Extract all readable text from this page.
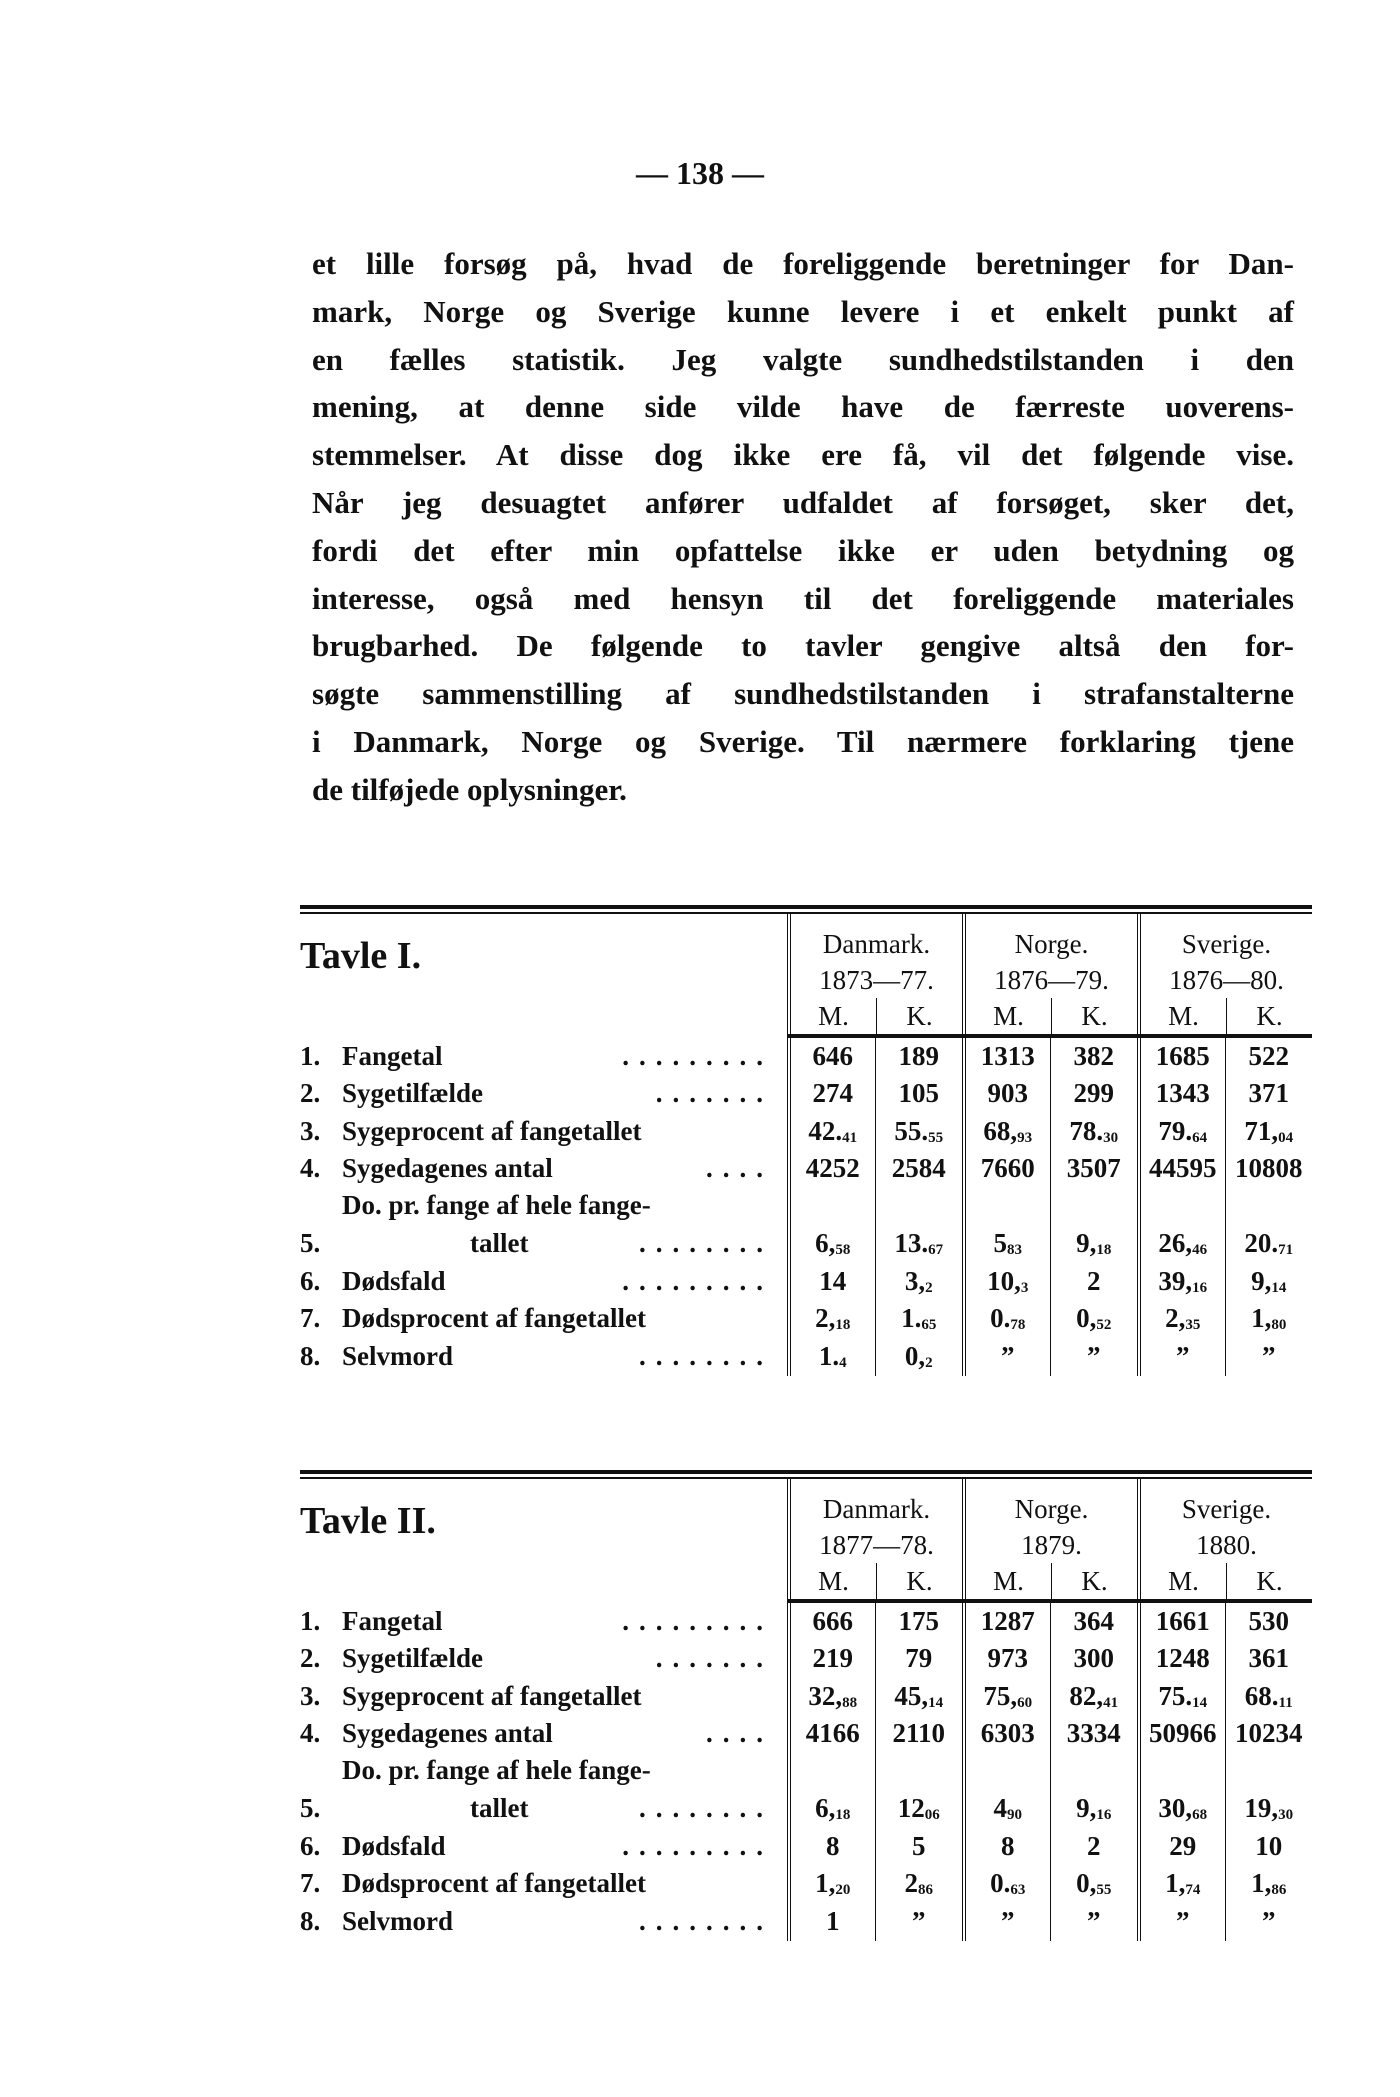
— 138 —
et lille forsøg på, hvad de foreliggende beretninger for Dan-
mark, Norge og Sverige kunne levere i et enkelt punkt af
en fælles statistik. Jeg valgte sundhedstilstanden i den
mening, at denne side vilde have de færreste uoverens-
stemmelser. At disse dog ikke ere få, vil det følgende vise.
Når jeg desuagtet anfører udfaldet af forsøget, sker det,
fordi det efter min opfattelse ikke er uden betydning og
interesse, også med hensyn til det foreliggende materiales
brugbarhed. De følgende to tavler gengive altså den for-
søgte sammenstilling af sundhedstilstanden i strafanstalterne
i Danmark, Norge og Sverige. Til nærmere forklaring tjene
de tilføjede oplysninger.
Tavle I.	Danmark.
1873—77.
M.	K.
Norge.
1876—79.
M.	K.
Sverige.
1876—80.
M.	K.
1. Fangetal	......... 646 189 1313 382 1685 522
2. Sygetilfælde	....... 274 105 903 299 1343 371
3. Sygeprocent af fangetallet	$42._{41}$ $55._{55}$ $68,_{93}$ $78._{30}$ $79._{64}$ $71,_{04}$
4. Sygedagenes antal	.... 4252 2584 7660 3507 44595 10808
5.
Do. pr. fange af hele fange-
tallet	........ $6,_{58}$ $13._{67}$ $5_{83}$ $9,_{18}$ $26,_{46}$ $20._{71}$
6. Dødsfald	......... 14 $3,_2$ $10,_3$ 2 $39,_{16}$ $9,_{14}$
7. Dødsprocent af fangetallet	$2,_{18}$ $1._{65}$ $0._{78}$ $0,_{52}$ $2,_{35}$ $1,_{80}$
8. Selvmord	........ $1._4$ $0,_2$	”	”	”	”
Tavle II.	Danmark.
1877—78.
M.	K.
Norge.
1879.
M.	K.
Sverige.
1880.
M.	K.
1. Fangetal	......... 666 175 1287 364 1661 530
2. Sygetilfælde	....... 219 79 973 300 1248 361
3. Sygeprocent af fangetallet	$32,_{88}$ $45,_{14}$ $75,_{60}$ $82,_{41}$ $75._{14}$ $68._{11}$
4. Sygedagenes antal	.... 4166 2110 6303 3334 50966 10234
5.
Do. pr. fange af hele fange-
tallet	........ $6,_{18}$ $12_{06}$ $4_{90}$ $9,_{16}$ $30,_{68}$ $19,_{30}$
6. Dødsfald	......... 8	5	8	2	29 10
7. Dødsprocent af fangetallet	$1,_{20}$ $2_{86}$ $0._{63}$ $0,_{55}$ $1,_{74}$ $1,_{86}$
8. Selvmord	........ 1	”	”	”	”	”
